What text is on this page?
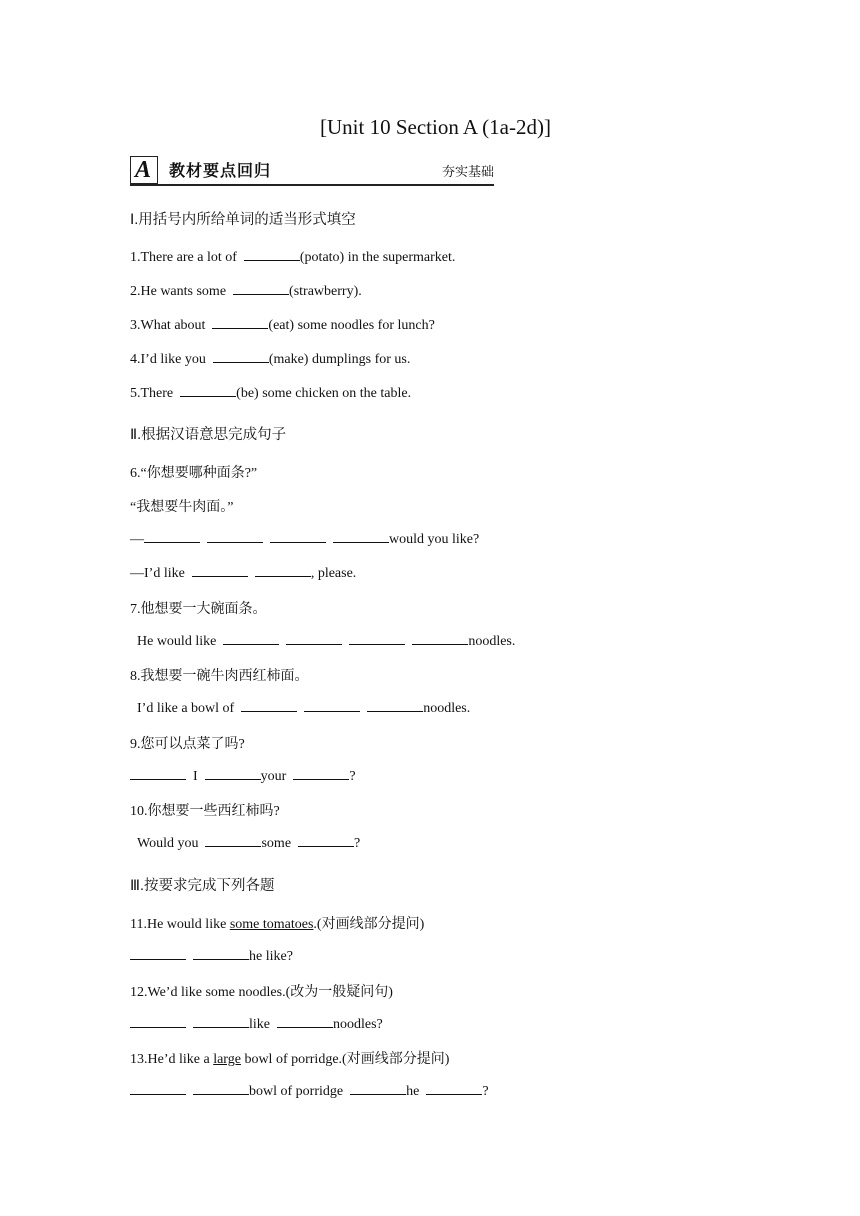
[Unit 10 Section A (1a-2d)]
A 教材要点回归	夯实基础
Ⅰ.用括号内所给单词的适当形式填空
1.There are a lot of	(potato) in the supermarket.
2.He wants some	(strawberry).
3.What about	(eat) some noodles for lunch?
4.I’d like you	(make) dumplings for us.
5.There	(be) some chicken on the table.
Ⅱ.根据汉语意思完成句子
6.“你想要哪种面条?”
“我想要牛肉面。”
—	would you like?
—I’d like	, please.
7.他想要一大碗面条。
He would like	noodles.
8.我想要一碗牛肉西红柿面。
I’d like a bowl of	noodles.
9.您可以点菜了吗?
I	your	?
10.你想要一些西红柿吗?
Would you	some	?
Ⅲ.按要求完成下列各题
11.He would like some tomatoes.(对画线部分提问)
he like?
12.We’d like some noodles.(改为一般疑问句)
like	noodles?
13.He’d like a large bowl of porridge.(对画线部分提问)
bowl of porridge	he	?
